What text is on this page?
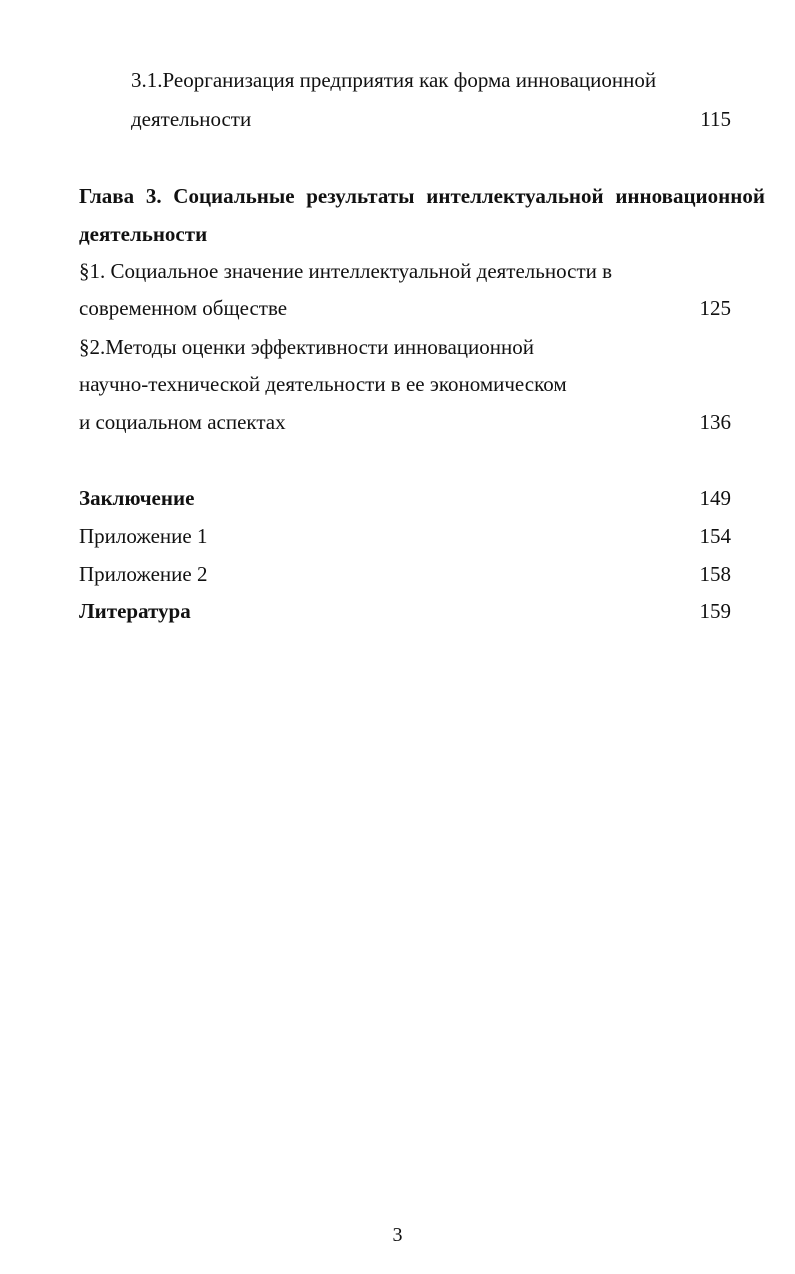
3.1.Реорганизация предприятия как форма инновационной
деятельности	115
Глава 3. Социальные результаты интеллектуальной инновационной
деятельности
§1. Социальное значение интеллектуальной деятельности в
современном обществе	125
§2.Методы оценки эффективности инновационной
научно-технической деятельности в ее экономическом
и социальном аспектах	136
Заключение	149
Приложение 1	154
Приложение 2	158
Литература	159
3
